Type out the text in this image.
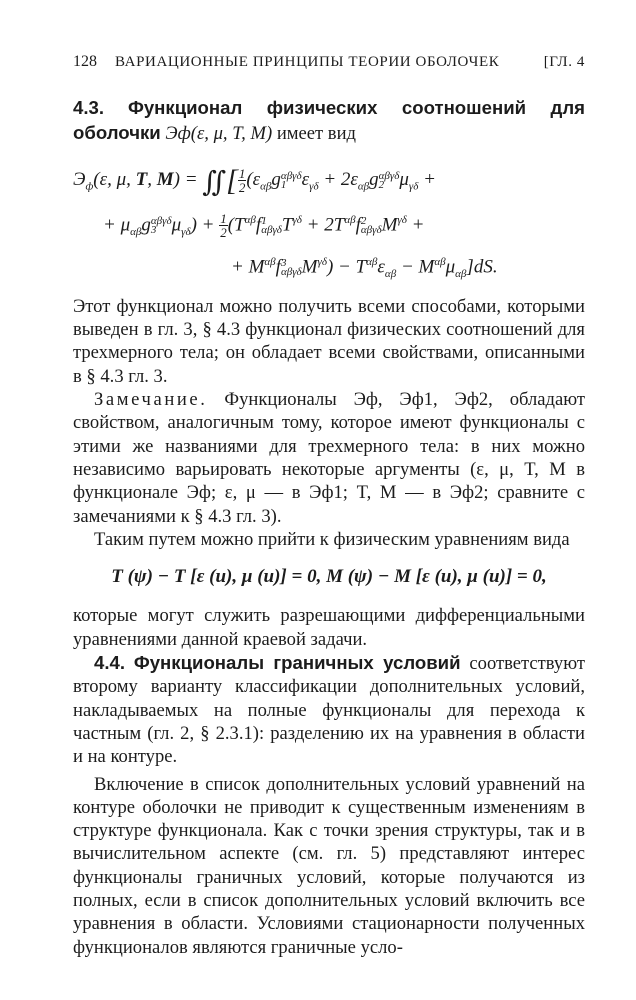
128 ВАРИАЦИОННЫЕ ПРИНЦИПЫ ТЕОРИИ ОБОЛОЧЕК	[ГЛ. 4
4.3. Функционал физических соотношений для оболочки Эф(ε, μ, T, M) имеет вид
$Э_ф(\varepsilon$, μ, T, M) = ∬[ $\frac{1}{2} (\varepsilon_{\alpha\beta}g$ αβγδ
1 $\varepsilon_{\gamma\delta} + 2\varepsilon_{\alpha\beta}g$ αβγδ
2 $\mu_{\gamma\delta}$ +
+ $\mu_{\alpha\beta}g$ αβγδ
3 $\mu_{\gamma\delta}) + \frac{1}{2} (T^{\alpha\beta}f$ 1
αβγδ $T^{\gamma\delta} + 2T^{\alpha\beta}f$ 2
αβγδ $M^{\gamma\delta}$ +
+ $M^{\alpha\beta}f$ 3
αβγδ $M^{\gamma\delta}) - T^{\alpha\beta}\varepsilon_{\alpha\beta} - M^{\alpha\beta}\mu_{\alpha\beta}]dS$.

Этот функционал можно получить всеми способами, которыми выведен в гл. 3, § 4.3 функционал физических соотношений для трехмерного тела; он обладает всеми свойствами, описанными в § 4.3 гл. 3.

Замечание. Функционалы Эф, Эф1, Эф2, обладают свойством, аналогичным тому, которое имеют функционалы с этими же названиями для трехмерного тела: в них можно независимо варьировать некоторые аргументы (ε, μ, T, M в функционале Эф; ε, μ — в Эф1; T, M — в Эф2; сравните с замечаниями к § 4.3 гл. 3).

Таким путем можно прийти к физическим уравнениям вида

T (ψ) − T [ε (u), μ (u)] = 0, M (ψ) − M [ε (u), μ (u)] = 0,

которые могут служить разрешающими дифференциальными уравнениями данной краевой задачи.

4.4. Функционалы граничных условий соответствуют второму варианту классификации дополнительных условий, накладываемых на полные функционалы для перехода к частным (гл. 2, § 2.3.1): разделению их на уравнения в области и на контуре.

Включение в список дополнительных условий уравнений на контуре оболочки не приводит к существенным изменениям в структуре функционала. Как с точки зрения структуры, так и в вычислительном аспекте (см. гл. 5) представляют интерес функционалы граничных условий, которые получаются из полных, если в список дополнительных условий включить все уравнения в области. Условиями стационарности полученных функционалов являются граничные усло-
